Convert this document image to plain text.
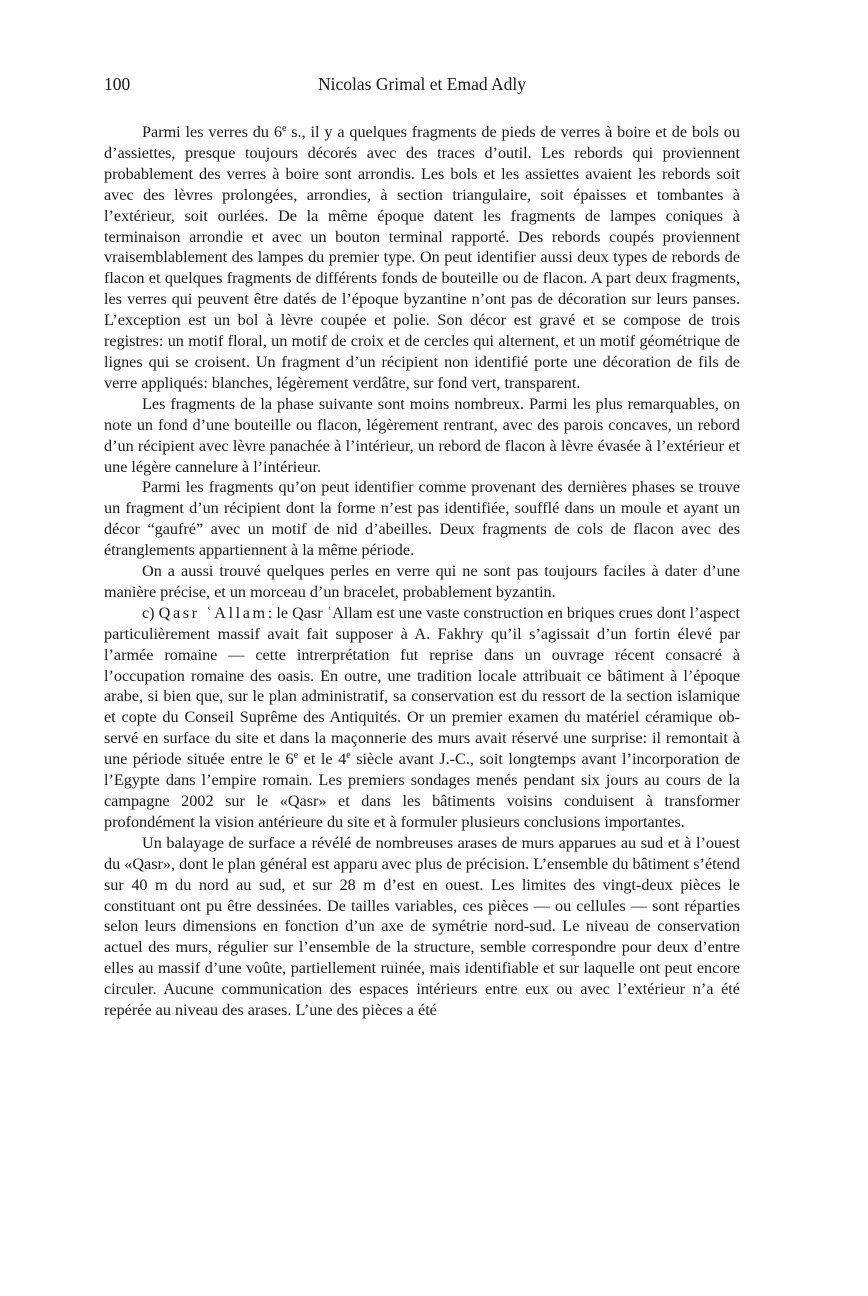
100	Nicolas Grimal et Emad Adly

Parmi les verres du 6e s., il y a quelques fragments de pieds de verres à boire et de bols ou d’assiettes, presque toujours décorés avec des traces d’outil. Les rebords qui proviennent probablement des verres à boire sont arrondis. Les bols et les assiettes avaient les rebords soit avec des lèvres prolongées, arrondies, à section triangulaire, soit épaisses et tombantes à l’extérieur, soit ourlées. De la même époque datent les fragments de lampes coniques à terminaison arrondie et avec un bouton terminal rapporté. Des rebords coupés proviennent vraisemblablement des lampes du premier type. On peut identifier aussi deux types de rebords de flacon et quelques fragments de différents fonds de bouteille ou de flacon. A part deux fragments, les verres qui peuvent être datés de l’époque byzantine n’ont pas de décoration sur leurs panses. L’exception est un bol à lèvre coupée et polie. Son décor est gravé et se compose de trois registres: un motif floral, un motif de croix et de cercles qui alternent, et un motif géométrique de lignes qui se croisent. Un fragment d’un récipient non identifié porte une décoration de fils de verre appliqués: blanches, légèrement verdâtre, sur fond vert, transparent.

Les fragments de la phase suivante sont moins nombreux. Parmi les plus remarquables, on note un fond d’une bouteille ou flacon, légèrement rentrant, avec des parois concaves, un rebord d’un récipient avec lèvre panachée à l’intérieur, un rebord de flacon à lèvre évasée à l’extérieur et une légère cannelure à l’intérieur.

Parmi les fragments qu’on peut identifier comme provenant des dernières phases se trouve un fragment d’un récipient dont la forme n’est pas identifiée, soufflé dans un moule et ayant un décor “gaufré” avec un motif de nid d’abeilles. Deux fragments de cols de flacon avec des étranglements appartiennent à la même période.

On a aussi trouvé quelques perles en verre qui ne sont pas toujours faciles à dater d’une manière précise, et un morceau d’un bracelet, probablement byzantin.

c) Qasr ʿAllam: le Qasr ʿAllam est une vaste construction en briques crues dont l’aspect particulièrement massif avait fait supposer à A. Fakhry qu’il s’agissait d’un fortin élevé par l’armée romaine — cette intrerprétation fut reprise dans un ouvrage récent consacré à l’occupation romaine des oasis. En outre, une tradition locale attribuait ce bâtiment à l’époque arabe, si bien que, sur le plan administratif, sa conservation est du ressort de la section islamique et copte du Conseil Suprême des Antiquités. Or un premier examen du matériel céramique observé en surface du site et dans la maçonnerie des murs avait réservé une surprise: il remontait à une période située entre le 6e et le 4e siècle avant J.-C., soit longtemps avant l’incorporation de l’Egypte dans l’empire romain. Les premiers sondages menés pendant six jours au cours de la campagne 2002 sur le «Qasr» et dans les bâtiments voisins conduisent à transformer profondément la vision antérieure du site et à formuler plusieurs conclusions importantes.

Un balayage de surface a révélé de nombreuses arases de murs apparues au sud et à l’ouest du «Qasr», dont le plan général est apparu avec plus de précision. L’ensemble du bâtiment s’étend sur 40 m du nord au sud, et sur 28 m d’est en ouest. Les limites des vingt-deux pièces le constituant ont pu être dessinées. De tailles variables, ces pièces — ou cellules — sont réparties selon leurs dimensions en fonction d’un axe de symétrie nord-sud. Le niveau de conservation actuel des murs, régulier sur l’ensemble de la structure, semble correspondre pour deux d’entre elles au massif d’une voûte, partiellement ruinée, mais identifiable et sur laquelle ont peut encore circuler. Aucune communication des espaces intérieurs entre eux ou avec l’extérieur n’a été repérée au niveau des arases. L’une des pièces a été
